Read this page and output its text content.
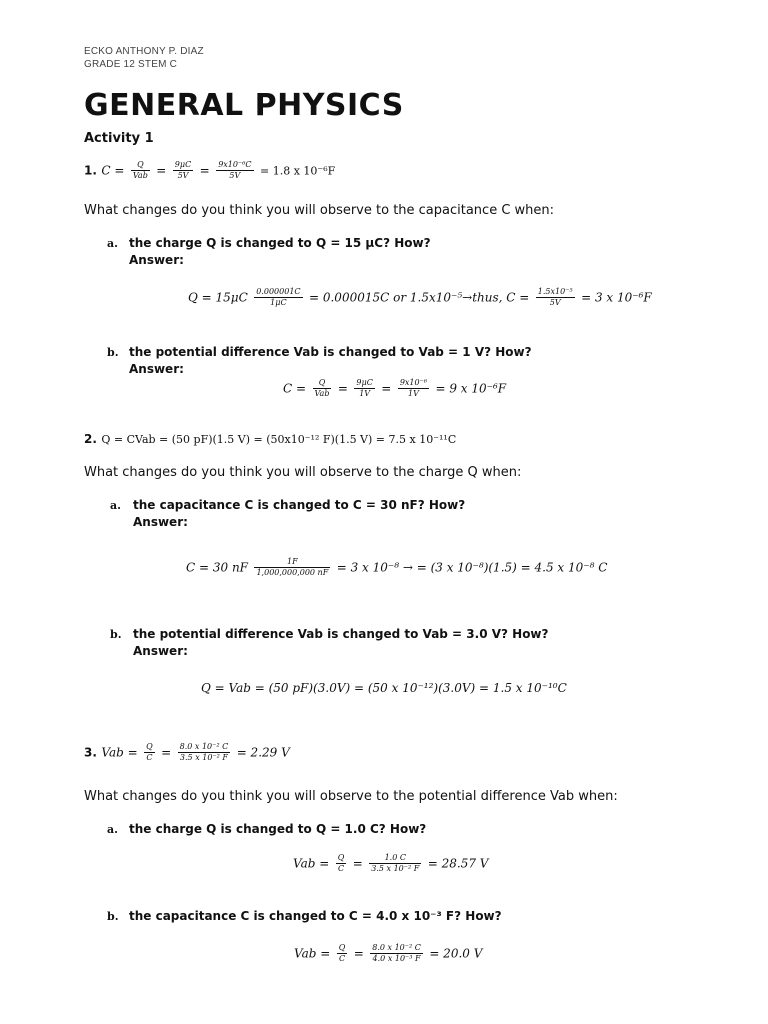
ECKO ANTHONY P. DIAZ
GRADE 12 STEM C
GENERAL PHYSICS
Activity 1
1. $C = \frac{Q}{\text{Vab}} = \frac{9\mu C}{5V} = \frac{\text{9x10⁻⁶C}}{5V} = 1.8$ x 10⁻⁶F
What changes do you think you will observe to the capacitance C when:
a. the charge Q is changed to Q = 15 μC? How?
Answer:
$Q = 15\mu C \frac{0.000001C}{1\mu C} = 0.000015C$ or 1.5x10⁻⁵→thus, $C = \frac{\text{1.5x10⁻⁵}}{5V} = 3$ x 10⁻⁶F
b. the potential difference Vab is changed to Vab = 1 V? How?
Answer:
$C = \frac{Q}{\text{Vab}} = \frac{9\mu C}{1V} = \frac{\text{9x10⁻⁶}}{1V} = 9$ x 10⁻⁶F
2. Q = CVab = (50 pF)(1.5 V) = (50x10⁻¹² F)(1.5 V) = 7.5 x 10⁻¹¹C
What changes do you think you will observe to the charge Q when:
a. the capacitance C is changed to C = 30 nF? How?
Answer:
C = 30 nF $\frac{1F}{1,000,000,000 nF} = 3$ x 10⁻⁸ → = (3 x 10⁻⁸)(1.5) = 4.5 x 10⁻⁸ C
b. the potential difference Vab is changed to Vab = 3.0 V? How?
Answer:
Q = Vab = (50 pF)(3.0V) = (50 x 10⁻¹²)(3.0V) = 1.5 x 10⁻¹⁰C
3. Vab = $\frac{Q}{C} = \frac{\text{8.0 x 10⁻² C}}{\text{3.5 x 10⁻² F}} = 2.29$ V
What changes do you think you will observe to the potential difference Vab when:
a. the charge Q is changed to Q = 1.0 C? How?
Vab = $\frac{Q}{C} = \frac{1.0 C}{\text{3.5 x 10⁻² F}} = 28.57$ V
b. the capacitance C is changed to C = 4.0 x 10⁻³ F? How?
Vab = $\frac{Q}{C} = \frac{\text{8.0 x 10⁻² C}}{\text{4.0 x 10⁻³ F}} = 20.0$ V
